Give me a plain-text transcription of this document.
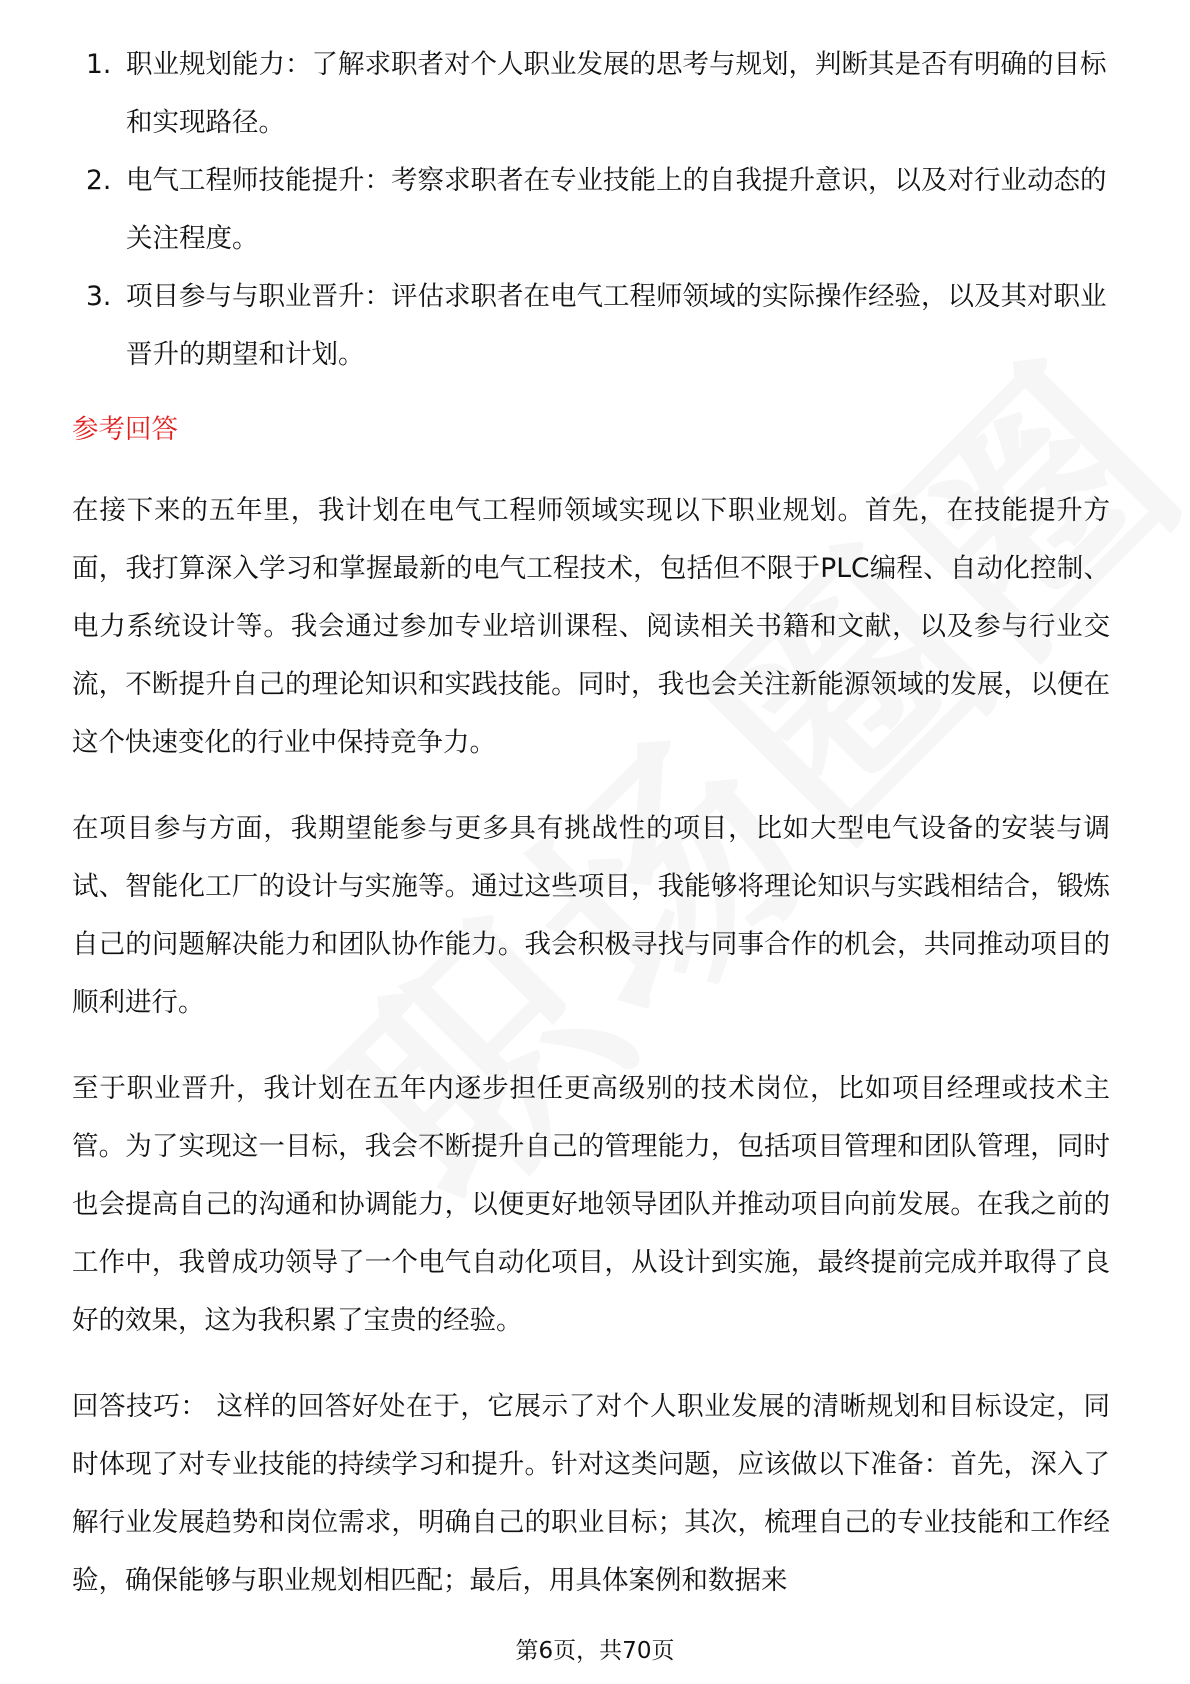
1. 职业规划能力：了解求职者对个人职业发展的思考与规划，判断其是否有明确的目标和实现路径。
2. 电气工程师技能提升：考察求职者在专业技能上的自我提升意识，以及对行业动态的关注程度。
3. 项目参与与职业晋升：评估求职者在电气工程师领域的实际操作经验，以及其对职业晋升的期望和计划。
参考回答

在接下来的五年里，我计划在电气工程师领域实现以下职业规划。首先，在技能提升方面，我打算深入学习和掌握最新的电气工程技术，包括但不限于PLC编程、自动化控制、电力系统设计等。我会通过参加专业培训课程、阅读相关书籍和文献，以及参与行业交流，不断提升自己的理论知识和实践技能。同时，我也会关注新能源领域的发展，以便在这个快速变化的行业中保持竞争力。

在项目参与方面，我期望能参与更多具有挑战性的项目，比如大型电气设备的安装与调试、智能化工厂的设计与实施等。通过这些项目，我能够将理论知识与实践相结合，锻炼自己的问题解决能力和团队协作能力。我会积极寻找与同事合作的机会，共同推动项目的顺利进行。

至于职业晋升，我计划在五年内逐步担任更高级别的技术岗位，比如项目经理或技术主管。为了实现这一目标，我会不断提升自己的管理能力，包括项目管理和团队管理，同时也会提高自己的沟通和协调能力，以便更好地领导团队并推动项目向前发展。在我之前的工作中，我曾成功领导了一个电气自动化项目，从设计到实施，最终提前完成并取得了良好的效果，这为我积累了宝贵的经验。

回答技巧： 这样的回答好处在于，它展示了对个人职业发展的清晰规划和目标设定，同时体现了对专业技能的持续学习和提升。针对这类问题，应该做以下准备：首先，深入了解行业发展趋势和岗位需求，明确自己的职业目标；其次，梳理自己的专业技能和工作经验，确保能够与职业规划相匹配；最后，用具体案例和数据来

第6页，共70页
